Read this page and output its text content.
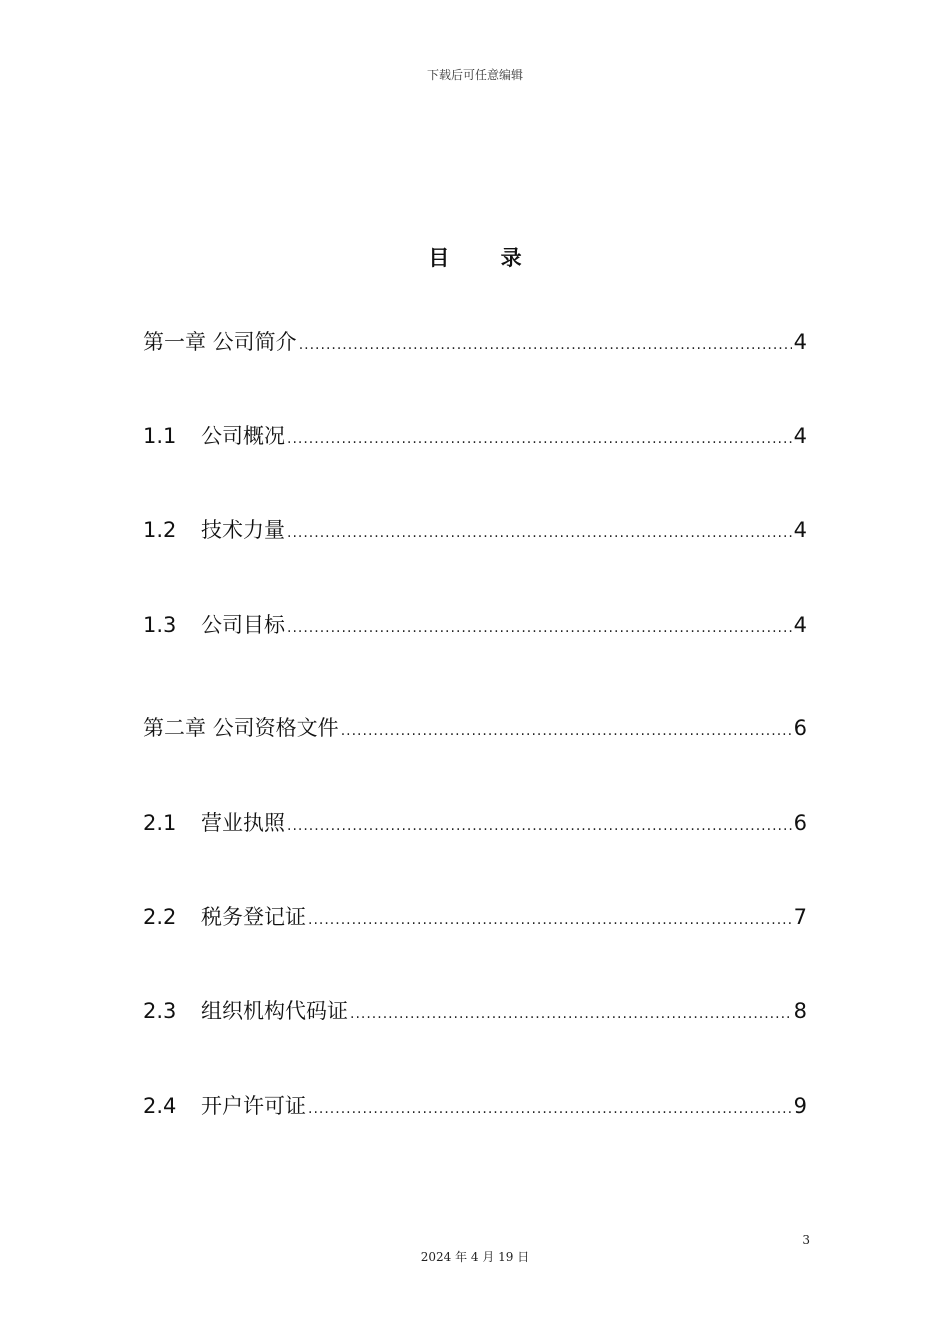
下载后可任意编辑
目 录
第一章 公司简介 .....	4
1.1	公司概况 .....	4
1.2	技术力量 .....	4
1.3	公司目标 .....	4
第二章 公司资格文件 .....	6
2.1	营业执照 .....	6
2.2	税务登记证 .....	7
2.3	组织机构代码证 .....	8
2.4	开户许可证 .....	9
3
2024 年 4 月 19 日
